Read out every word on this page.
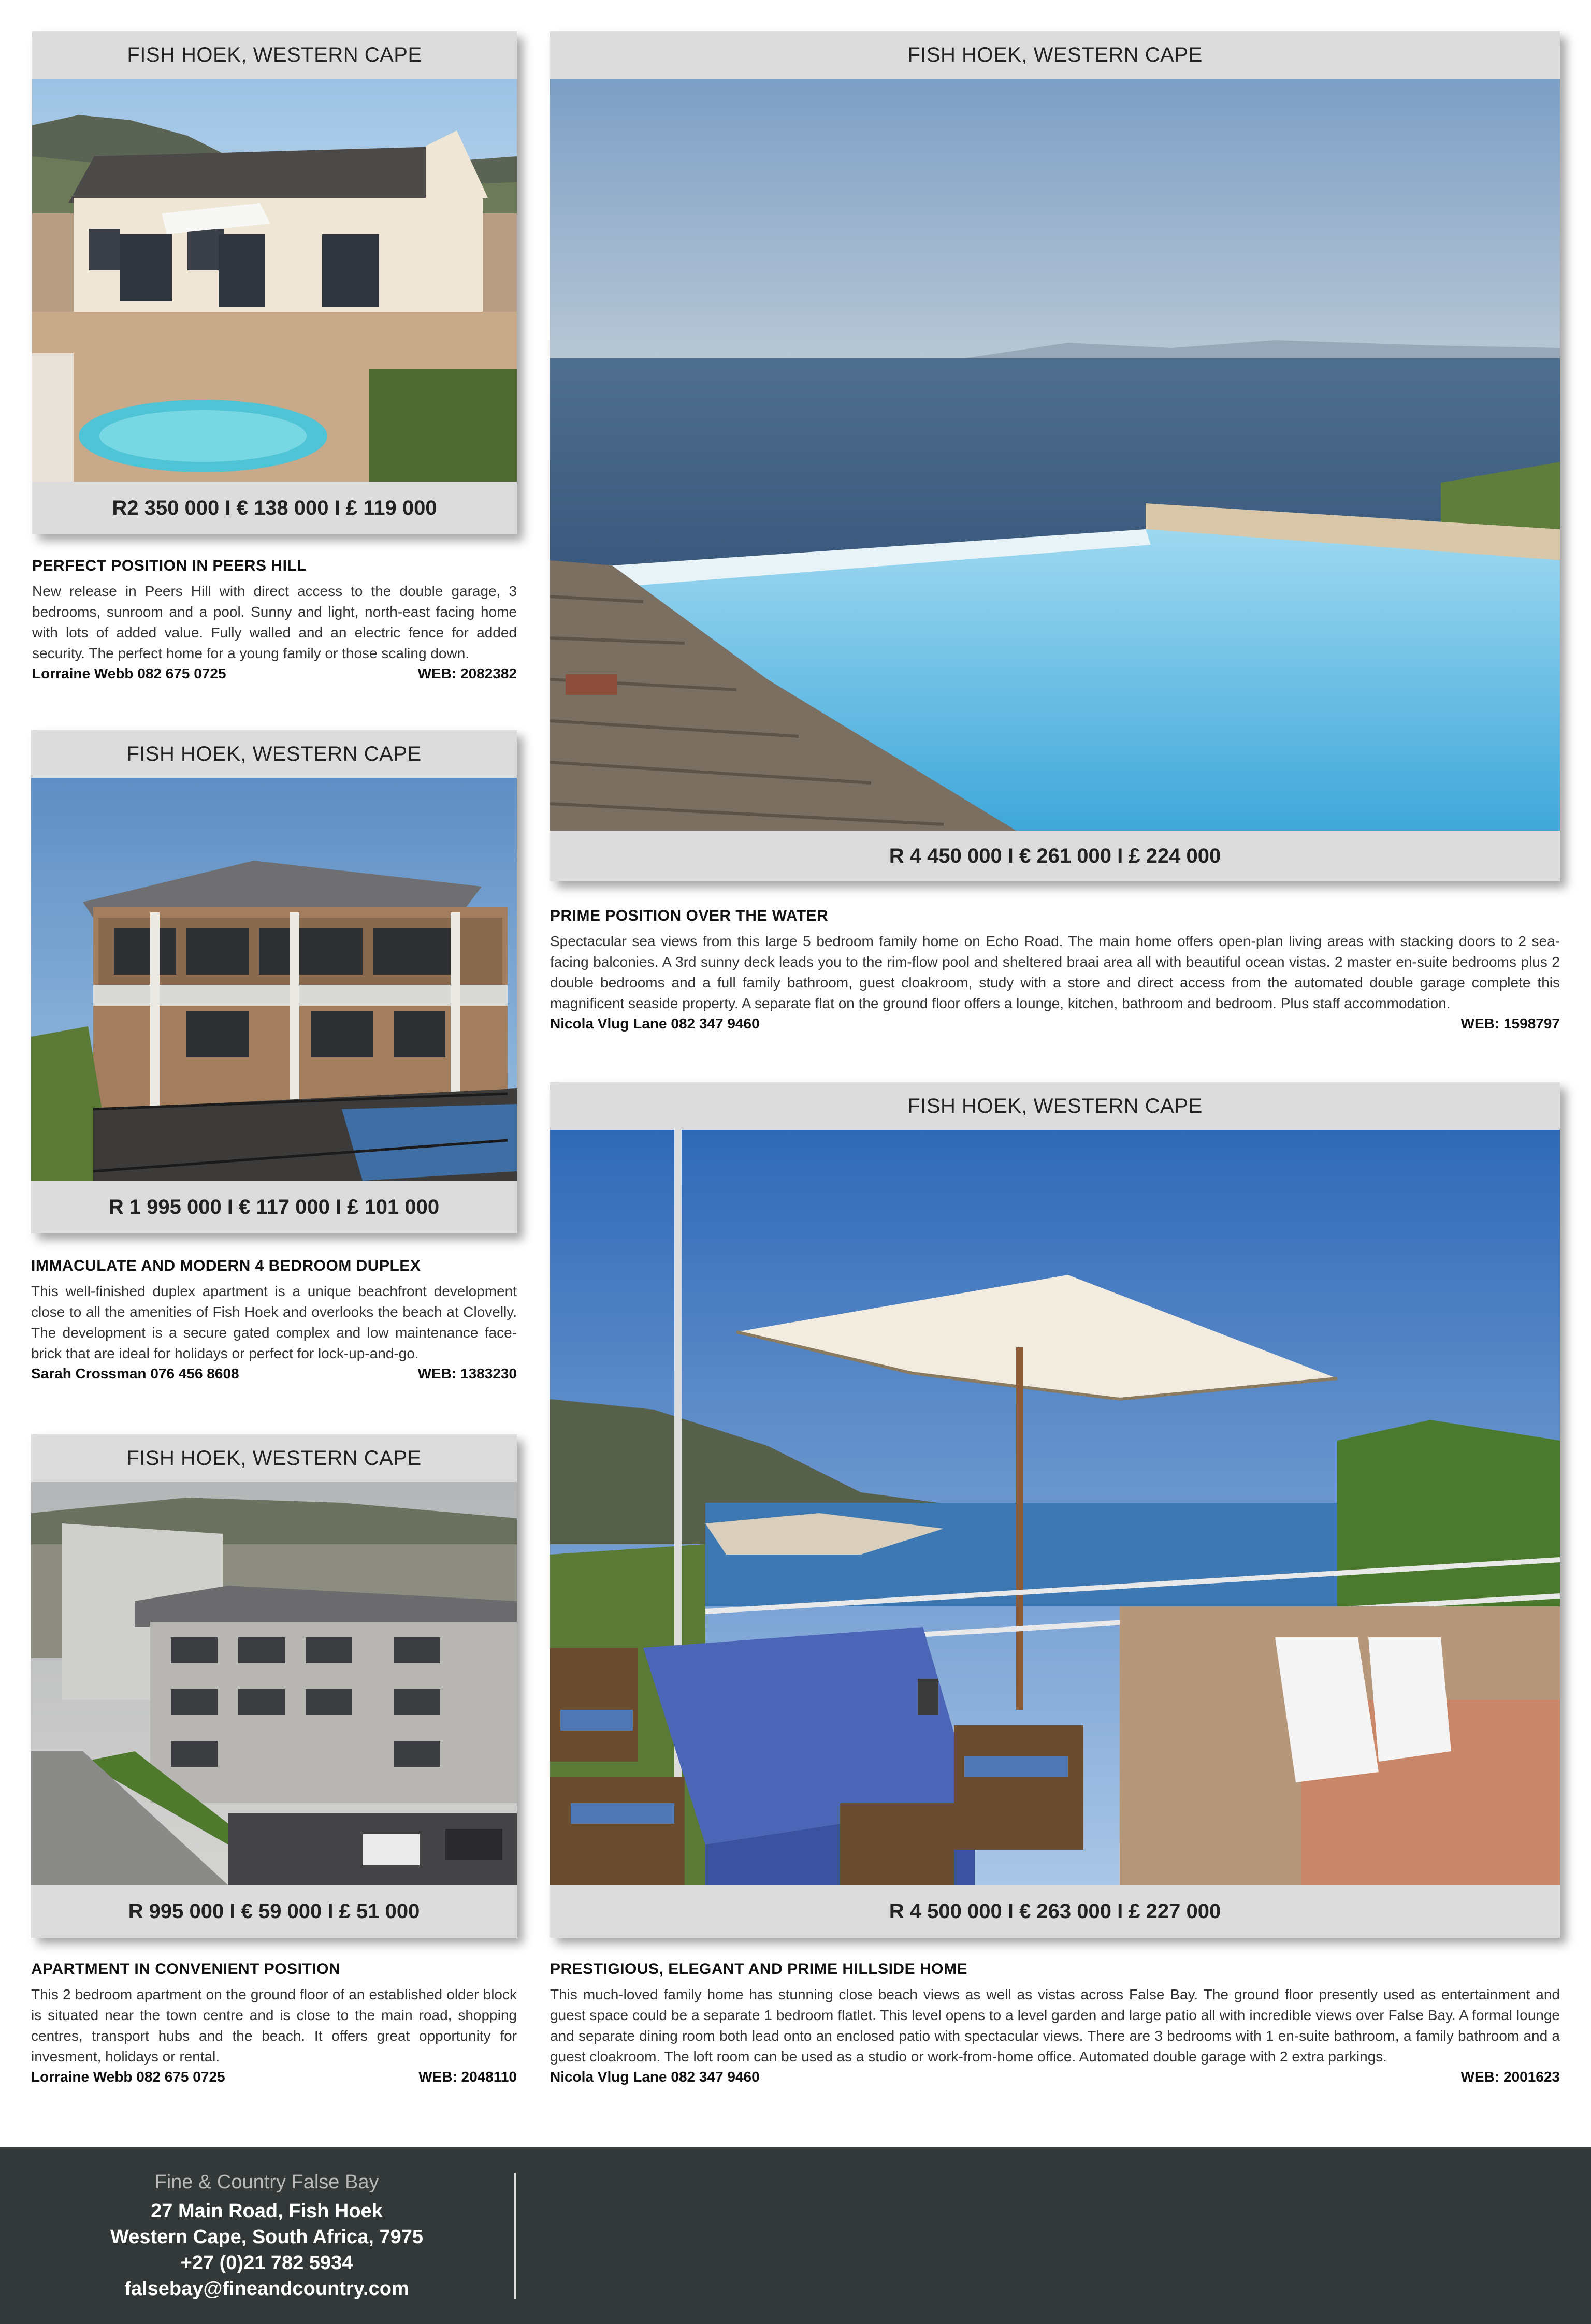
FISH HOEK, WESTERN CAPE
R2 350 000 I € 138 000 I £ 119 000
PERFECT POSITION IN PEERS HILL
New release in Peers Hill with direct access to the double garage, 3 bedrooms, sunroom and a pool. Sunny and light, north-east facing home with lots of added value. Fully walled and an electric fence for added security. The perfect home for a young family or those scaling down.
Lorraine Webb 082 675 0725	WEB: 2082382
FISH HOEK, WESTERN CAPE
R 4 450 000 I € 261 000 I £ 224 000
PRIME POSITION OVER THE WATER
Spectacular sea views from this large 5 bedroom family home on Echo Road. The main home offers open-plan living areas with stacking doors to 2 sea-facing balconies. A 3rd sunny deck leads you to the rim-flow pool and sheltered braai area all with beautiful ocean vistas. 2 master en-suite bedrooms plus 2 double bedrooms and a full family bathroom, guest cloakroom, study with a store and direct access from the automated double garage complete this magnificent seaside property. A separate flat on the ground floor offers a lounge, kitchen, bathroom and bedroom. Plus staff accommodation.
Nicola Vlug Lane 082 347 9460	WEB: 1598797
FISH HOEK, WESTERN CAPE
R 1 995 000 I € 117 000 I £ 101 000
IMMACULATE AND MODERN 4 BEDROOM DUPLEX
This well-finished duplex apartment is a unique beachfront development close to all the amenities of Fish Hoek and overlooks the beach at Clovelly. The development is a secure gated complex and low maintenance face-brick that are ideal for holidays or perfect for lock-up-and-go.
Sarah Crossman 076 456 8608	WEB: 1383230
FISH HOEK, WESTERN CAPE
R 4 500 000 I € 263 000 I £ 227 000
PRESTIGIOUS, ELEGANT AND PRIME HILLSIDE HOME
This much-loved family home has stunning close beach views as well as vistas across False Bay. The ground floor presently used as entertainment and guest space could be a separate 1 bedroom flatlet. This level opens to a level garden and large patio all with incredible views over False Bay. A formal lounge and separate dining room both lead onto an enclosed patio with spectacular views. There are 3 bedrooms with 1 en-suite bathroom, a family bathroom and a guest cloakroom. The loft room can be used as a studio or work-from-home office. Automated double garage with 2 extra parkings.
Nicola Vlug Lane 082 347 9460	WEB: 2001623
FISH HOEK, WESTERN CAPE
R 995 000 I € 59 000 I £ 51 000
APARTMENT IN CONVENIENT POSITION
This 2 bedroom apartment on the ground floor of an established older block is situated near the town centre and is close to the main road, shopping centres, transport hubs and the beach. It offers great opportunity for invesment, holidays or rental.
Lorraine Webb 082 675 0725	WEB: 2048110
Fine & Country False Bay
27 Main Road, Fish Hoek
Western Cape, South Africa, 7975
+27 (0)21 782 5934
falsebay@fineandcountry.com
